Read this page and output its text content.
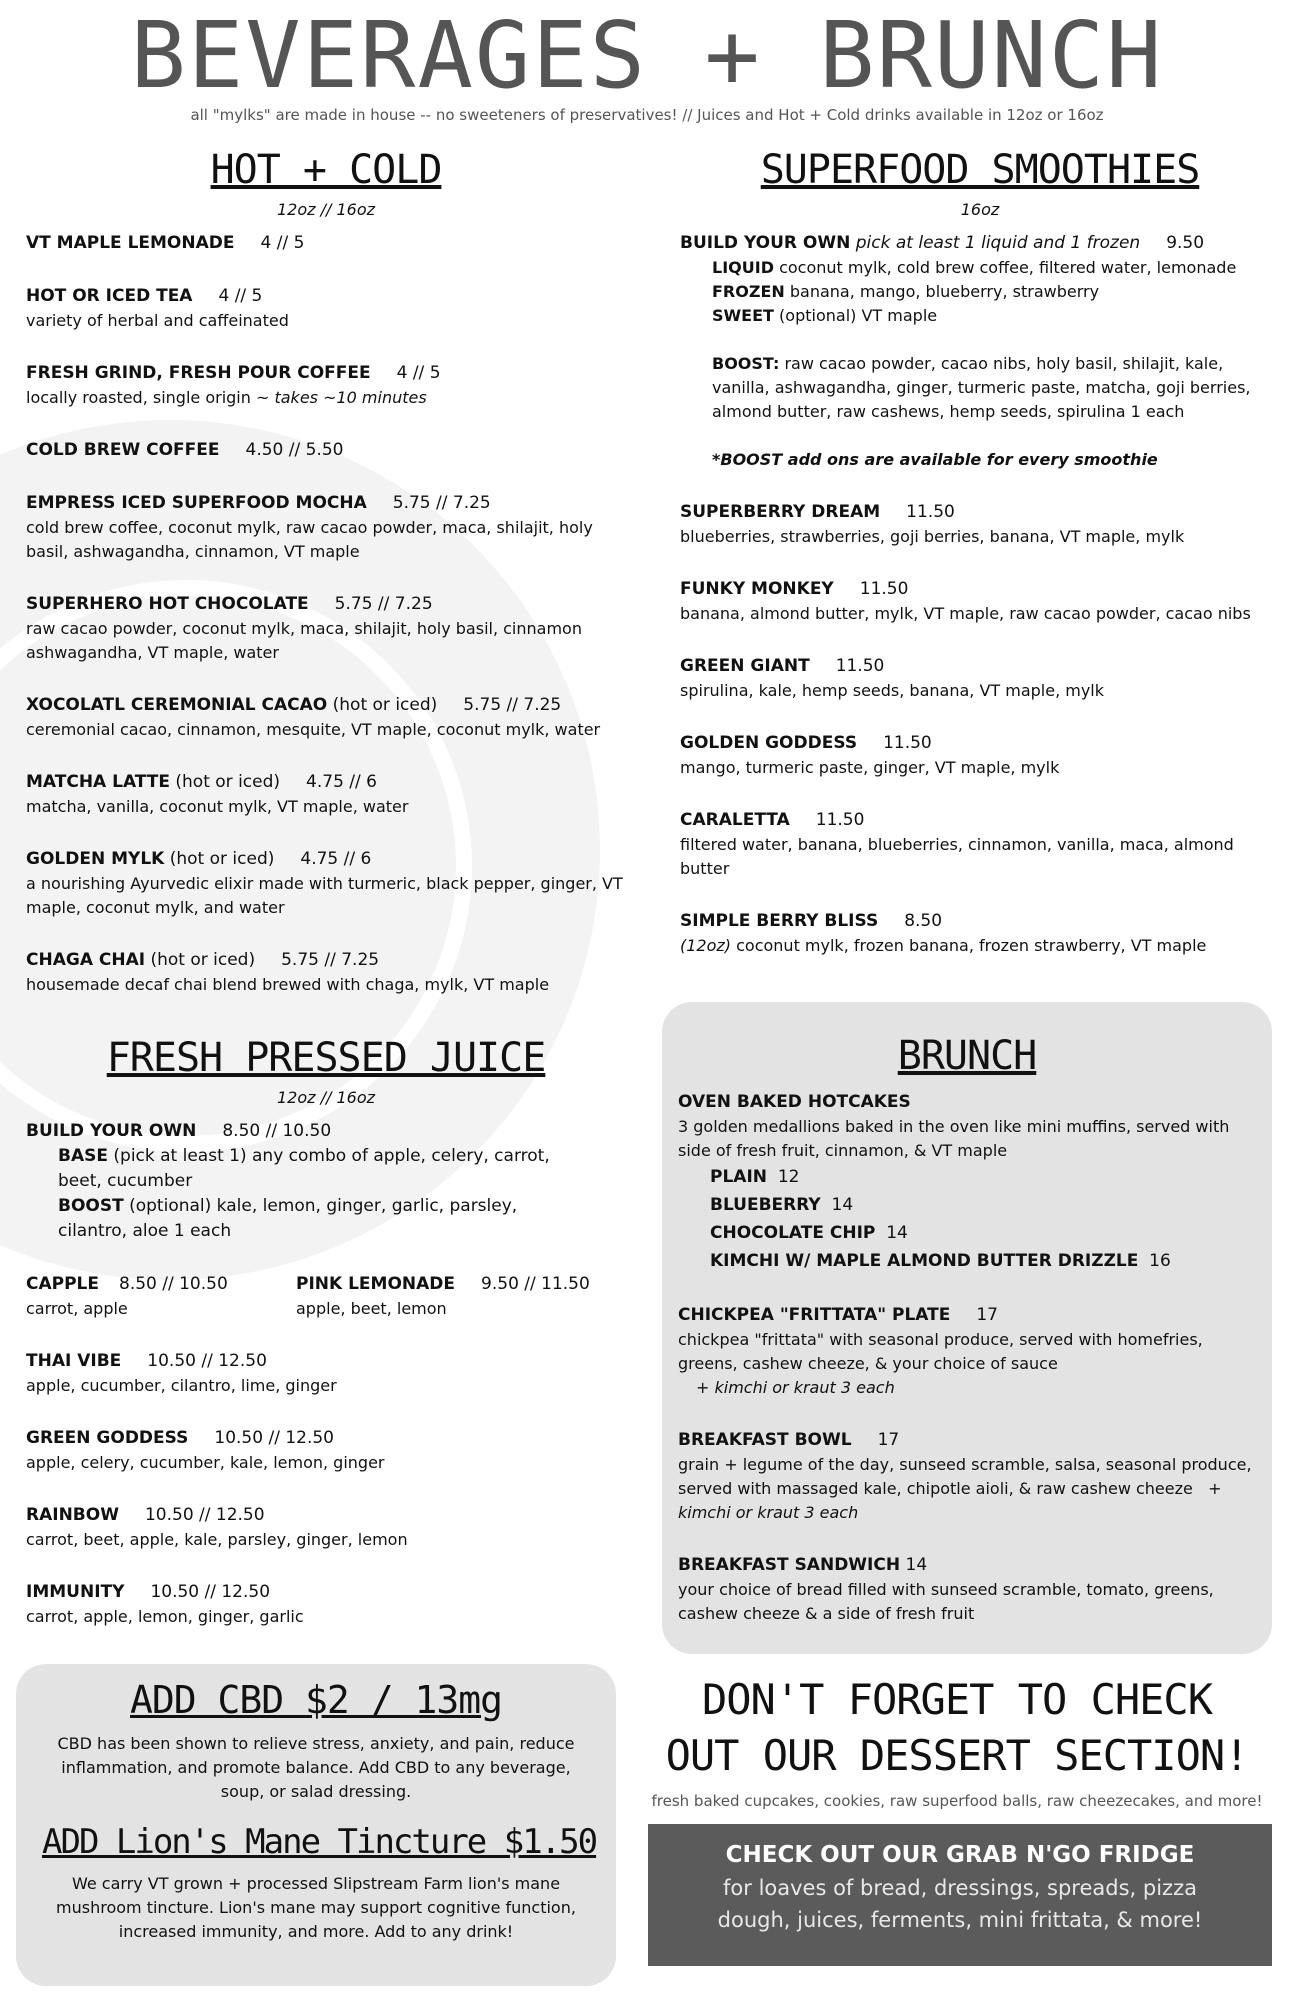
BEVERAGES + BRUNCH
all "mylks" are made in house -- no sweeteners of preservatives! // Juices and Hot + Cold drinks available in 12oz or 16oz
HOT + COLD
12oz // 16oz
VT MAPLE LEMONADE 4 // 5
HOT OR ICED TEA 4 // 5
variety of herbal and caffeinated
FRESH GRIND, FRESH POUR COFFEE 4 // 5
locally roasted, single origin ~ takes ~10 minutes
COLD BREW COFFEE 4.50 // 5.50
EMPRESS ICED SUPERFOOD MOCHA 5.75 // 7.25
cold brew coffee, coconut mylk, raw cacao powder, maca, shilajit, holy basil, ashwagandha, cinnamon, VT maple
SUPERHERO HOT CHOCOLATE 5.75 // 7.25
raw cacao powder, coconut mylk, maca, shilajit, holy basil, cinnamon ashwagandha, VT maple, water
XOCOLATL CEREMONIAL CACAO (hot or iced) 5.75 // 7.25
ceremonial cacao, cinnamon, mesquite, VT maple, coconut mylk, water
MATCHA LATTE (hot or iced) 4.75 // 6
matcha, vanilla, coconut mylk, VT maple, water
GOLDEN MYLK (hot or iced) 4.75 // 6
a nourishing Ayurvedic elixir made with turmeric, black pepper, ginger, VT maple, coconut mylk, and water
CHAGA CHAI (hot or iced) 5.75 // 7.25
housemade decaf chai blend brewed with chaga, mylk, VT maple
SUPERFOOD SMOOTHIES
16oz
BUILD YOUR OWN pick at least 1 liquid and 1 frozen 9.50
LIQUID coconut mylk, cold brew coffee, filtered water, lemonade
FROZEN banana, mango, blueberry, strawberry
SWEET (optional) VT maple
BOOST: raw cacao powder, cacao nibs, holy basil, shilajit, kale, vanilla, ashwagandha, ginger, turmeric paste, matcha, goji berries, almond butter, raw cashews, hemp seeds, spirulina 1 each
*BOOST add ons are available for every smoothie
SUPERBERRY DREAM 11.50
blueberries, strawberries, goji berries, banana, VT maple, mylk
FUNKY MONKEY 11.50
banana, almond butter, mylk, VT maple, raw cacao powder, cacao nibs
GREEN GIANT 11.50
spirulina, kale, hemp seeds, banana, VT maple, mylk
GOLDEN GODDESS 11.50
mango, turmeric paste, ginger, VT maple, mylk
CARALETTA 11.50
filtered water, banana, blueberries, cinnamon, vanilla, maca, almond butter
SIMPLE BERRY BLISS 8.50
(12oz) coconut mylk, frozen banana, frozen strawberry, VT maple
FRESH PRESSED JUICE
12oz // 16oz
BUILD YOUR OWN 8.50 // 10.50
BASE (pick at least 1) any combo of apple, celery, carrot, beet, cucumber
BOOST (optional) kale, lemon, ginger, garlic, parsley, cilantro, aloe 1 each
CAPPLE 8.50 // 10.50
carrot, apple
PINK LEMONADE 9.50 // 11.50
apple, beet, lemon
THAI VIBE 10.50 // 12.50
apple, cucumber, cilantro, lime, ginger
GREEN GODDESS 10.50 // 12.50
apple, celery, cucumber, kale, lemon, ginger
RAINBOW 10.50 // 12.50
carrot, beet, apple, kale, parsley, ginger, lemon
IMMUNITY 10.50 // 12.50
carrot, apple, lemon, ginger, garlic
BRUNCH
OVEN BAKED HOTCAKES
3 golden medallions baked in the oven like mini muffins, served with side of fresh fruit, cinnamon, & VT maple
PLAIN 12
BLUEBERRY 14
CHOCOLATE CHIP 14
KIMCHI W/ MAPLE ALMOND BUTTER DRIZZLE 16
CHICKPEA "FRITTATA" PLATE 17
chickpea "frittata" with seasonal produce, served with homefries, greens, cashew cheeze, & your choice of sauce
+ kimchi or kraut 3 each
BREAKFAST BOWL 17
grain + legume of the day, sunseed scramble, salsa, seasonal produce, served with massaged kale, chipotle aioli, & raw cashew cheeze + kimchi or kraut 3 each
BREAKFAST SANDWICH 14
your choice of bread filled with sunseed scramble, tomato, greens, cashew cheeze & a side of fresh fruit
ADD CBD $2 / 13mg
CBD has been shown to relieve stress, anxiety, and pain, reduce inflammation, and promote balance. Add CBD to any beverage, soup, or salad dressing.
ADD Lion's Mane Tincture $1.50
We carry VT grown + processed Slipstream Farm lion's mane mushroom tincture. Lion's mane may support cognitive function, increased immunity, and more. Add to any drink!
DON'T FORGET TO CHECK
OUT OUR DESSERT SECTION!
fresh baked cupcakes, cookies, raw superfood balls, raw cheezecakes, and more!
CHECK OUT OUR GRAB N'GO FRIDGE
for loaves of bread, dressings, spreads, pizza dough, juices, ferments, mini frittata, & more!
